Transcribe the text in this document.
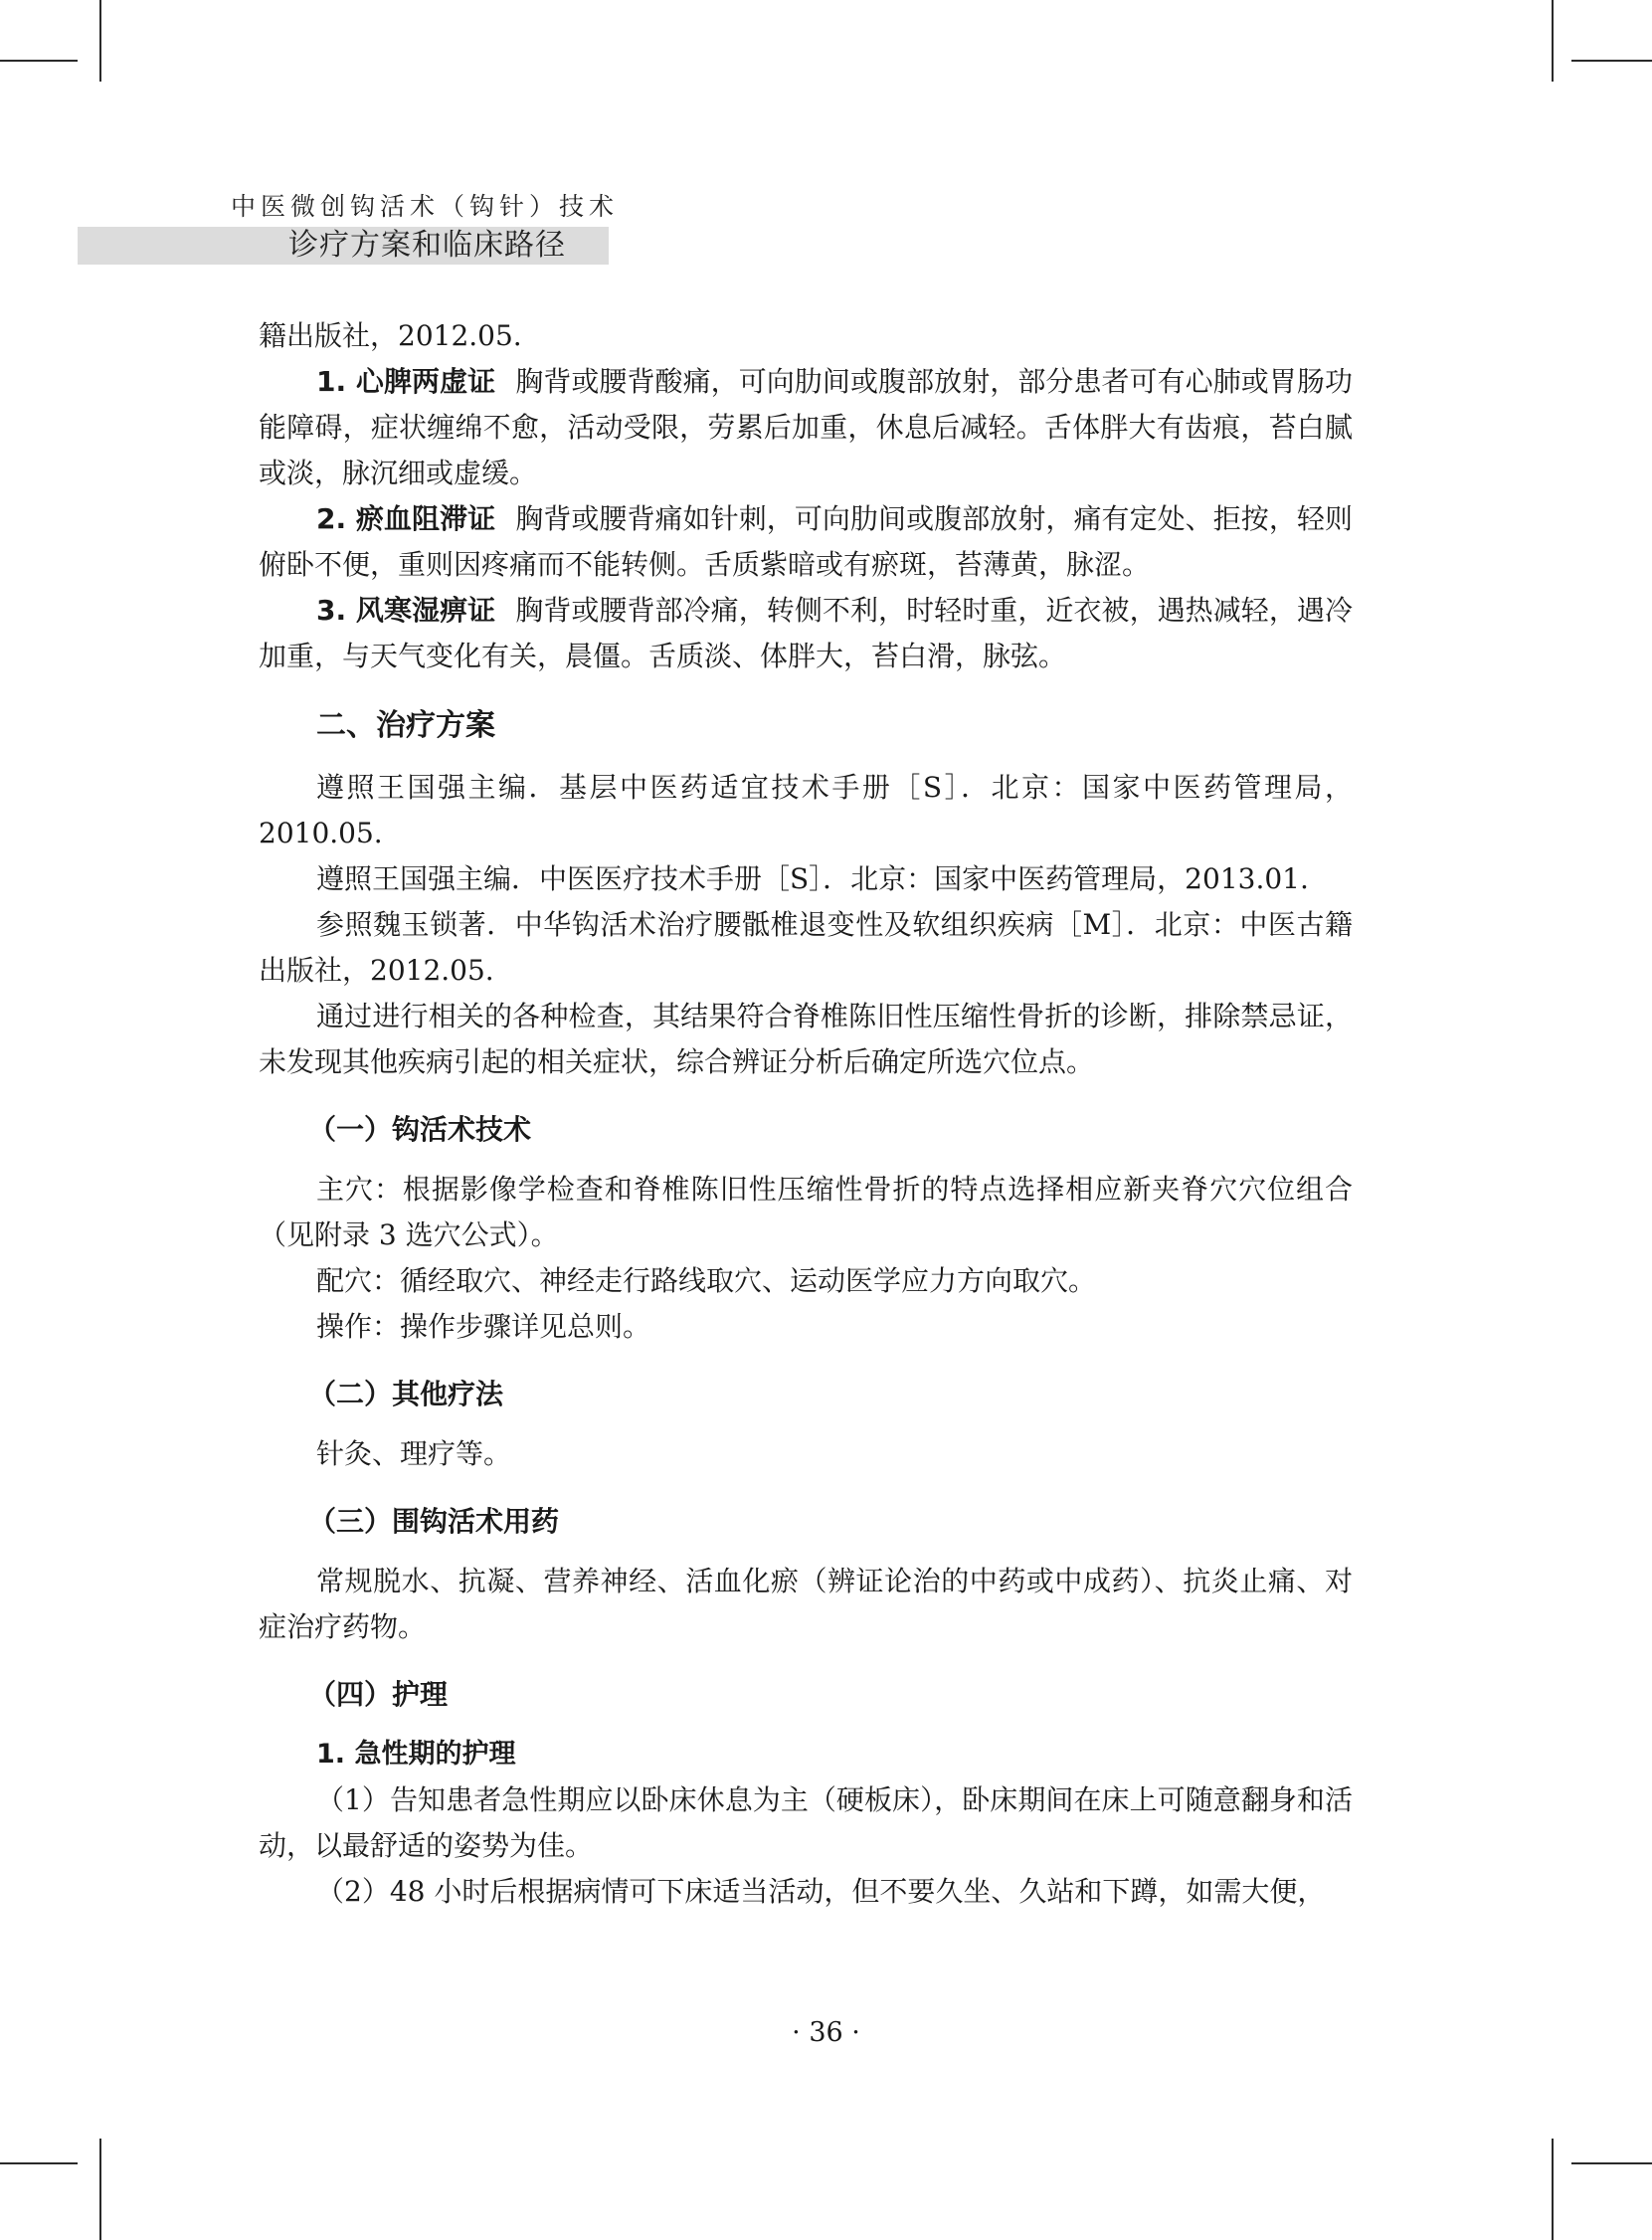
中医微创钩活术（钩针）技术
诊疗方案和临床路径

籍出版社，2012.05.

1. 心脾两虚证 胸背或腰背酸痛，可向肋间或腹部放射，部分患者可有心肺或胃肠功能障碍，症状缠绵不愈，活动受限，劳累后加重，休息后减轻。舌体胖大有齿痕，苔白腻或淡，脉沉细或虚缓。

2. 瘀血阻滞证 胸背或腰背痛如针刺，可向肋间或腹部放射，痛有定处、拒按，轻则俯卧不便，重则因疼痛而不能转侧。舌质紫暗或有瘀斑，苔薄黄，脉涩。

3. 风寒湿痹证 胸背或腰背部冷痛，转侧不利，时轻时重，近衣被，遇热减轻，遇冷加重，与天气变化有关，晨僵。舌质淡、体胖大，苔白滑，脉弦。

二、治疗方案

遵照王国强主编．基层中医药适宜技术手册［S］．北京：国家中医药管理局，2010.05.

遵照王国强主编．中医医疗技术手册［S］．北京：国家中医药管理局，2013.01.

参照魏玉锁著．中华钩活术治疗腰骶椎退变性及软组织疾病［M］．北京：中医古籍出版社，2012.05.

通过进行相关的各种检查，其结果符合脊椎陈旧性压缩性骨折的诊断，排除禁忌证，未发现其他疾病引起的相关症状，综合辨证分析后确定所选穴位点。

（一）钩活术技术

主穴：根据影像学检查和脊椎陈旧性压缩性骨折的特点选择相应新夹脊穴穴位组合（见附录 3 选穴公式）。

配穴：循经取穴、神经走行路线取穴、运动医学应力方向取穴。

操作：操作步骤详见总则。

（二）其他疗法

针灸、理疗等。

（三）围钩活术用药

常规脱水、抗凝、营养神经、活血化瘀（辨证论治的中药或中成药）、抗炎止痛、对症治疗药物。

（四）护理

1. 急性期的护理

（1）告知患者急性期应以卧床休息为主（硬板床），卧床期间在床上可随意翻身和活动，以最舒适的姿势为佳。

（2）48 小时后根据病情可下床适当活动，但不要久坐、久站和下蹲，如需大便，

· 36 ·
